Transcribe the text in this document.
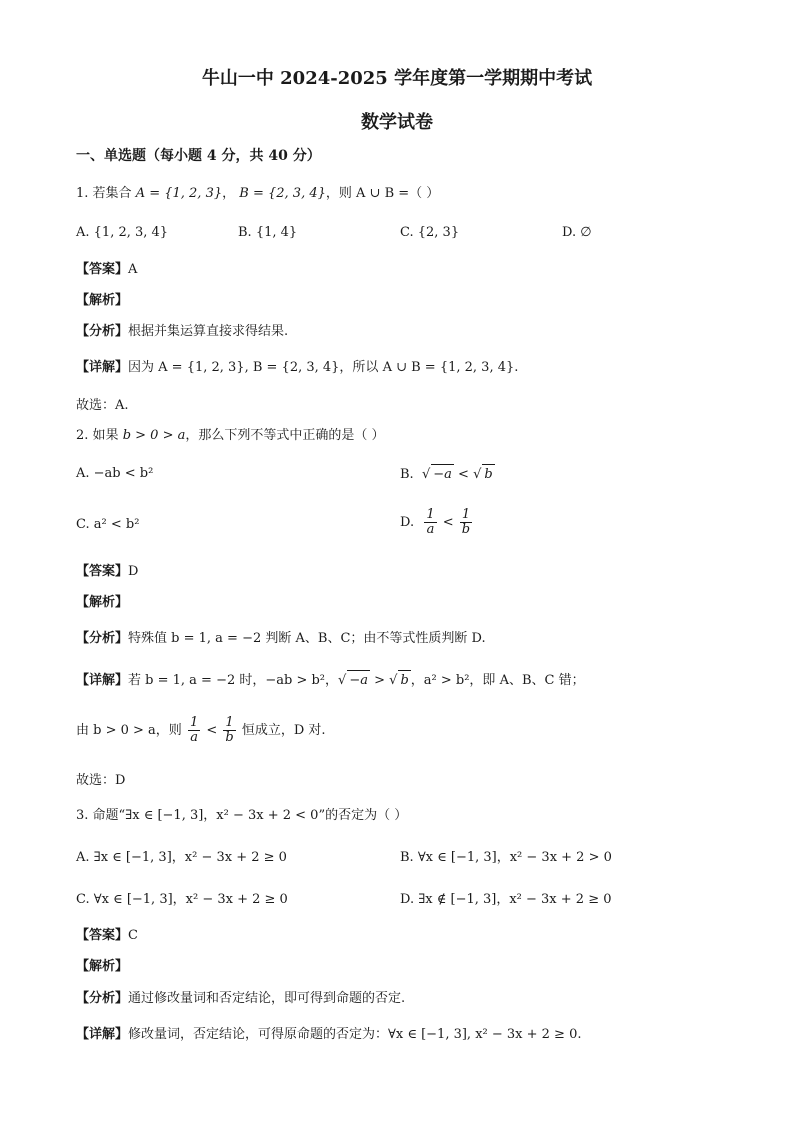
牛山一中 2024-2025 学年度第一学期期中考试
数学试卷
一、单选题（每小题 4 分，共 40 分）
1. 若集合 A = {1, 2, 3}， B = {2, 3, 4}，则 A ∪ B =（ ）
A. {1, 2, 3, 4}	B. {1, 4}	C. {2, 3}	D. ∅
【答案】A
【解析】
【分析】根据并集运算直接求得结果.
【详解】因为 A = {1, 2, 3}, B = {2, 3, 4}，所以 A ∪ B = {1, 2, 3, 4}.
故选：A.
2. 如果 b > 0 > a，那么下列不等式中正确的是（ ）
A. −ab < b²	B.  √ −a < √ b
C. a² < b²	D. $\frac{1}{a} < \frac{1}{b}$
【答案】D
【解析】
【分析】特殊值 b = 1, a = −2 判断 A、B、C；由不等式性质判断 D.
【详解】若 b = 1, a = −2 时，−ab > b²，√ −a > √ b ，a² > b²，即 A、B、C 错；
由 b > 0 > a，则 $\frac{1}{a} < \frac{1}{b}$ 恒成立，D 对.
故选：D
3. 命题“∃x ∈ [−1, 3]，x² − 3x + 2 < 0”的否定为（ ）
A. ∃x ∈ [−1, 3]，x² − 3x + 2 ≥ 0	B. ∀x ∈ [−1, 3]，x² − 3x + 2 > 0
C. ∀x ∈ [−1, 3]，x² − 3x + 2 ≥ 0	D. ∃x ∉ [−1, 3]，x² − 3x + 2 ≥ 0
【答案】C
【解析】
【分析】通过修改量词和否定结论，即可得到命题的否定.
【详解】修改量词，否定结论，可得原命题的否定为：∀x ∈ [−1, 3], x² − 3x + 2 ≥ 0.
